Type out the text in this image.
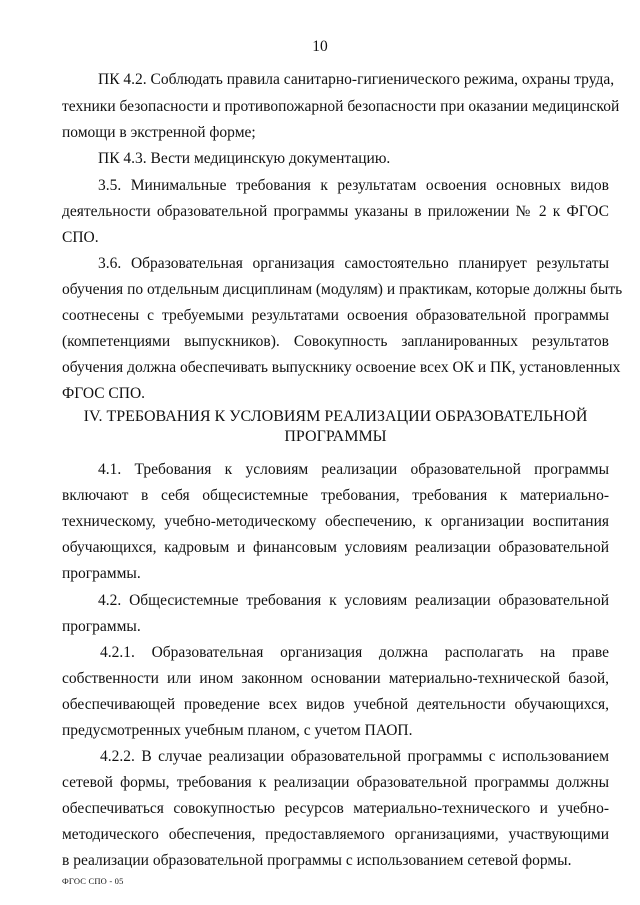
10
ПК 4.2. Соблюдать правила санитарно-гигиенического режима, охраны труда,
техники безопасности и противопожарной безопасности при оказании медицинской
помощи в экстренной форме;
ПК 4.3. Вести медицинскую документацию.
3.5. Минимальные требования к результатам освоения основных видов
деятельности образовательной программы указаны в приложении № 2 к ФГОС
СПО.
3.6. Образовательная организация самостоятельно планирует результаты
обучения по отдельным дисциплинам (модулям) и практикам, которые должны быть
соотнесены с требуемыми результатами освоения образовательной программы
(компетенциями выпускников). Совокупность запланированных результатов
обучения должна обеспечивать выпускнику освоение всех ОК и ПК, установленных
ФГОС СПО.
IV. ТРЕБОВАНИЯ К УСЛОВИЯМ РЕАЛИЗАЦИИ ОБРАЗОВАТЕЛЬНОЙ
ПРОГРАММЫ
4.1. Требования к условиям реализации образовательной программы
включают в себя общесистемные требования, требования к материально-
техническому, учебно-методическому обеспечению, к организации воспитания
обучающихся, кадровым и финансовым условиям реализации образовательной
программы.
4.2. Общесистемные требования к условиям реализации образовательной
программы.
4.2.1. Образовательная организация должна располагать на праве
собственности или ином законном основании материально-технической базой,
обеспечивающей проведение всех видов учебной деятельности обучающихся,
предусмотренных учебным планом, с учетом ПАОП.
4.2.2. В случае реализации образовательной программы с использованием
сетевой формы, требования к реализации образовательной программы должны
обеспечиваться совокупностью ресурсов материально-технического и учебно-
методического обеспечения, предоставляемого организациями, участвующими
в реализации образовательной программы с использованием сетевой формы.
ФГОС СПО - 05
